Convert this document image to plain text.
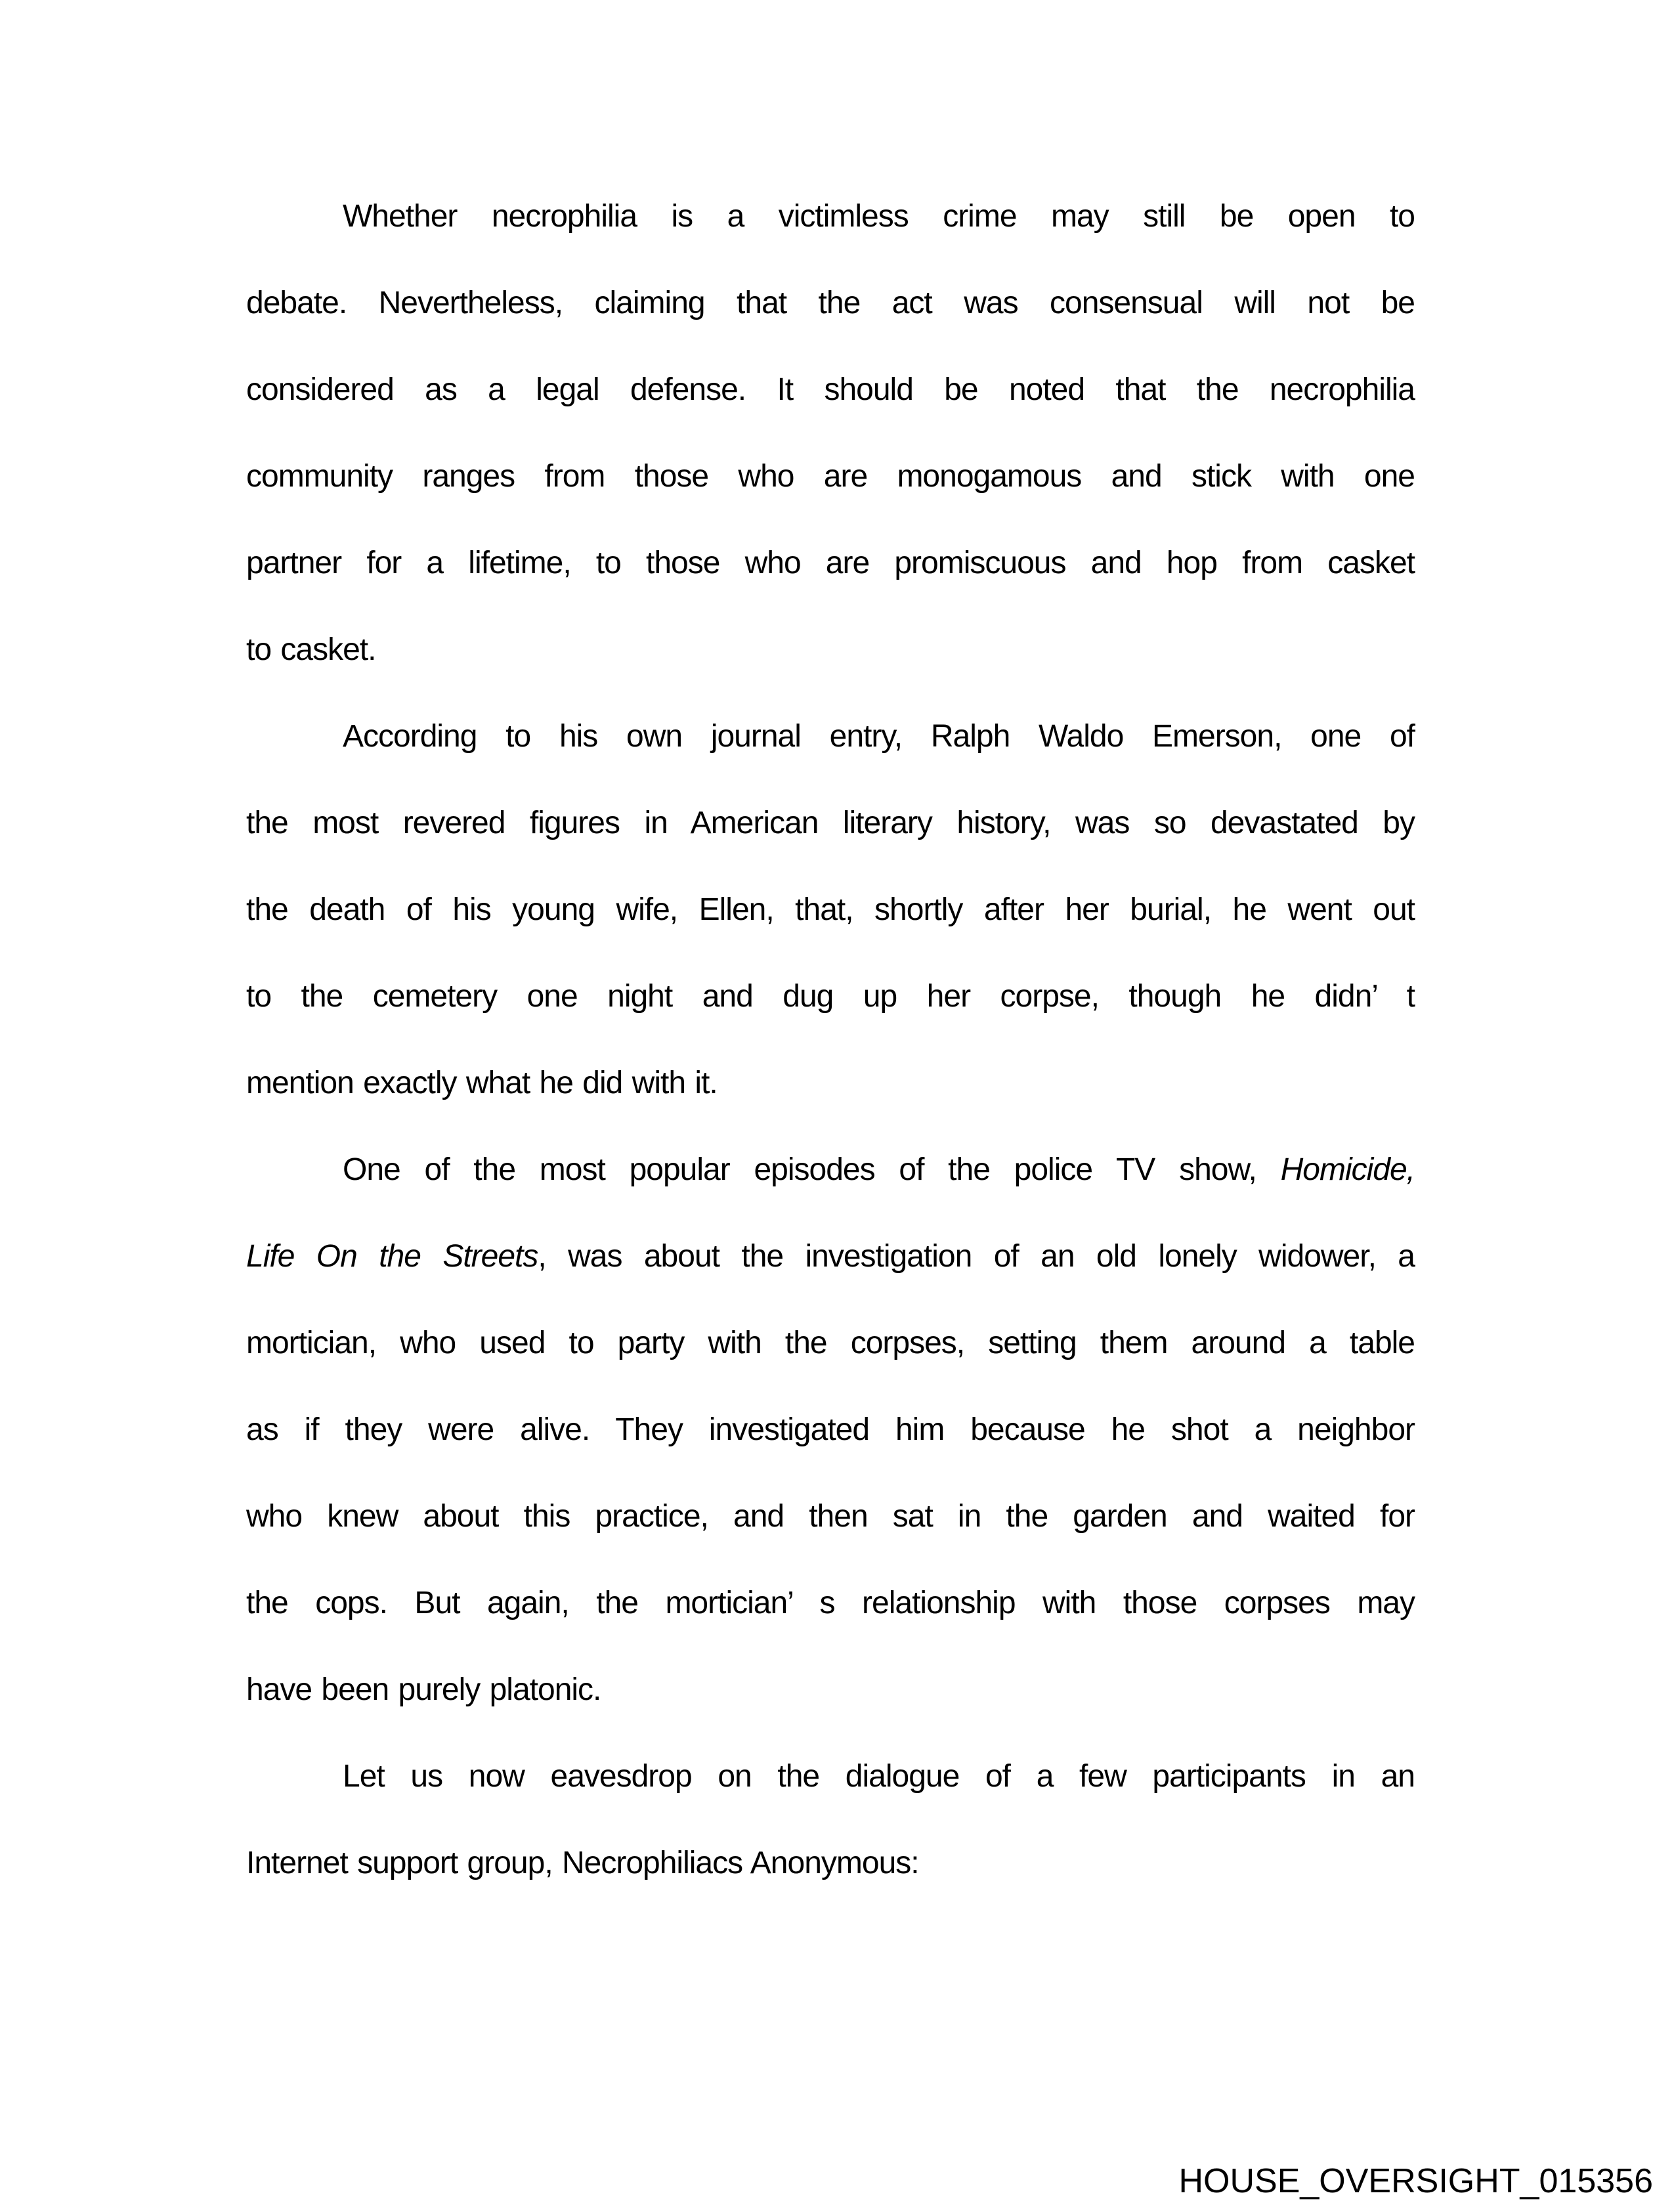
Whether necrophilia is a victimless crime may still be open to
debate. Nevertheless, claiming that the act was consensual will not be
considered as a legal defense. It should be noted that the necrophilia
community ranges from those who are monogamous and stick with one
partner for a lifetime, to those who are promiscuous and hop from casket
to casket.
According to his own journal entry, Ralph Waldo Emerson, one of
the most revered figures in American literary history, was so devastated by
the death of his young wife, Ellen, that, shortly after her burial, he went out
to the cemetery one night and dug up her corpse, though he didn’ t
mention exactly what he did with it.
One of the most popular episodes of the police TV show, Homicide,
Life On the Streets, was about the investigation of an old lonely widower, a
mortician, who used to party with the corpses, setting them around a table
as if they were alive. They investigated him because he shot a neighbor
who knew about this practice, and then sat in the garden and waited for
the cops. But again, the mortician’ s relationship with those corpses may
have been purely platonic.
Let us now eavesdrop on the dialogue of a few participants in an
Internet support group, Necrophiliacs Anonymous:
HOUSE_OVERSIGHT_015356
